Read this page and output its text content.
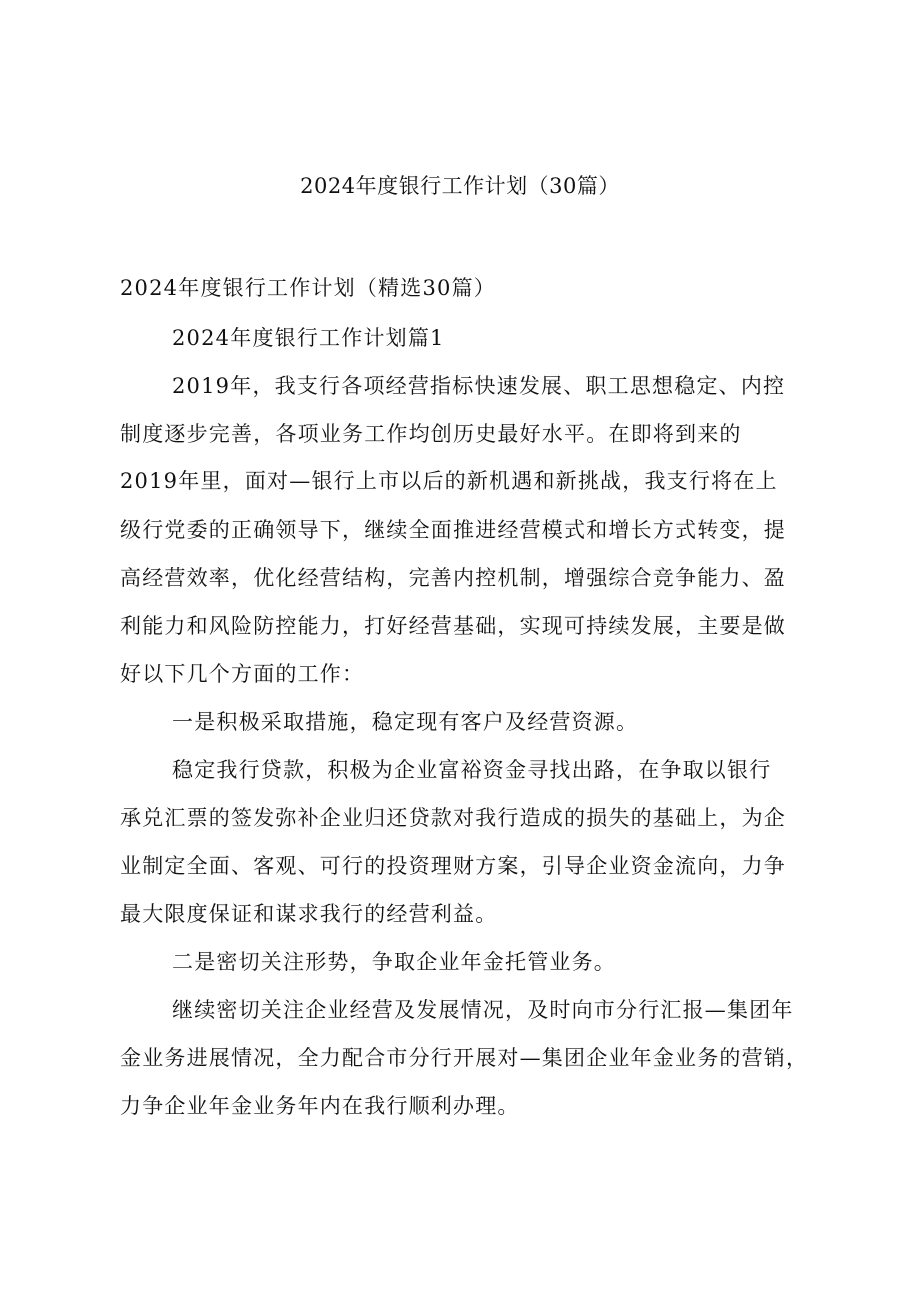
2024年度银行工作计划（30篇）
2024年度银行工作计划（精选30篇）
2024年度银行工作计划篇1
2019年，我支行各项经营指标快速发展、职工思想稳定、内控
制度逐步完善，各项业务工作均创历史最好水平。在即将到来的
2019年里，面对—银行上市以后的新机遇和新挑战，我支行将在上
级行党委的正确领导下，继续全面推进经营模式和增长方式转变，提
高经营效率，优化经营结构，完善内控机制，增强综合竞争能力、盈
利能力和风险防控能力，打好经营基础，实现可持续发展，主要是做
好以下几个方面的工作：
一是积极采取措施，稳定现有客户及经营资源。
稳定我行贷款，积极为企业富裕资金寻找出路，在争取以银行
承兑汇票的签发弥补企业归还贷款对我行造成的损失的基础上，为企
业制定全面、客观、可行的投资理财方案，引导企业资金流向，力争
最大限度保证和谋求我行的经营利益。
二是密切关注形势，争取企业年金托管业务。
继续密切关注企业经营及发展情况，及时向市分行汇报—集团年
金业务进展情况，全力配合市分行开展对—集团企业年金业务的营销，
力争企业年金业务年内在我行顺利办理。
